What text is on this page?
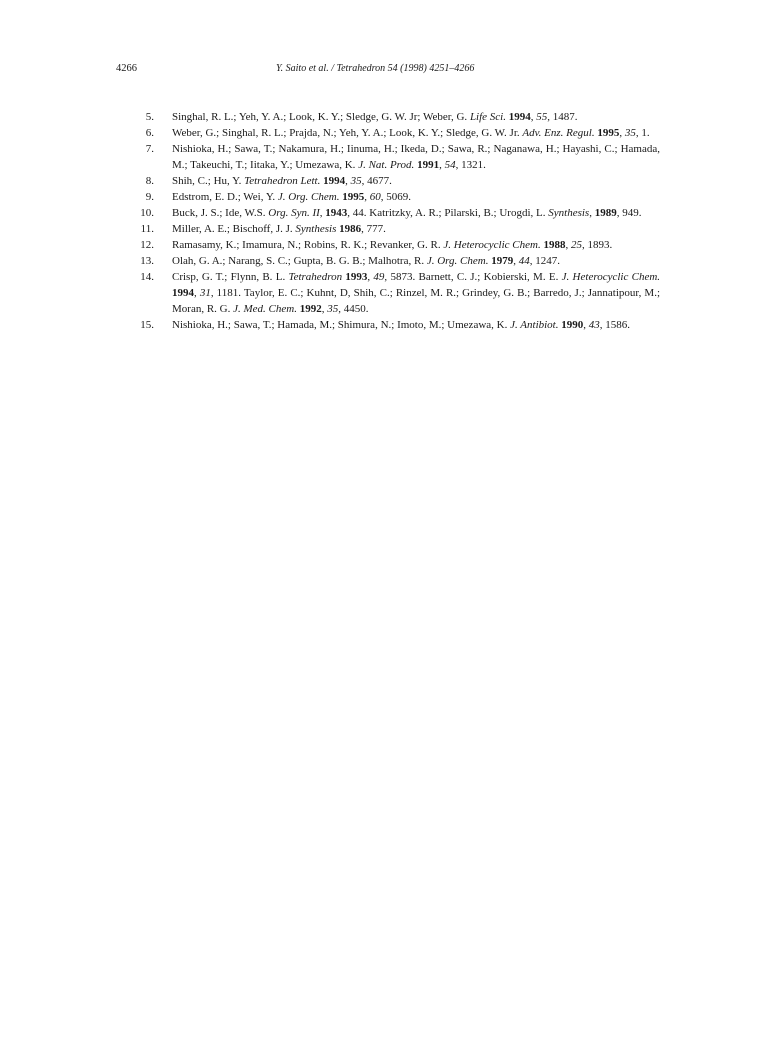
4266	Y. Saito et al. / Tetrahedron 54 (1998) 4251–4266
5. Singhal, R. L.; Yeh, Y. A.; Look, K. Y.; Sledge, G. W. Jr; Weber, G. Life Sci. 1994, 55, 1487.
6. Weber, G.; Singhal, R. L.; Prajda, N.; Yeh, Y. A.; Look, K. Y.; Sledge, G. W. Jr. Adv. Enz. Regul. 1995, 35, 1.
7. Nishioka, H.; Sawa, T.; Nakamura, H.; Iinuma, H.; Ikeda, D.; Sawa, R.; Naganawa, H.; Hayashi, C.; Hamada, M.; Takeuchi, T.; Iitaka, Y.; Umezawa, K. J. Nat. Prod. 1991, 54, 1321.
8. Shih, C.; Hu, Y. Tetrahedron Lett. 1994, 35, 4677.
9. Edstrom, E. D.; Wei, Y. J. Org. Chem. 1995, 60, 5069.
10. Buck, J. S.; Ide, W.S. Org. Syn. II, 1943, 44. Katritzky, A. R.; Pilarski, B.; Urogdi, L. Synthesis, 1989, 949.
11. Miller, A. E.; Bischoff, J. J. Synthesis 1986, 777.
12. Ramasamy, K.; Imamura, N.; Robins, R. K.; Revanker, G. R. J. Heterocyclic Chem. 1988, 25, 1893.
13. Olah, G. A.; Narang, S. C.; Gupta, B. G. B.; Malhotra, R. J. Org. Chem. 1979, 44, 1247.
14. Crisp, G. T.; Flynn, B. L. Tetrahedron 1993, 49, 5873. Barnett, C. J.; Kobierski, M. E. J. Heterocyclic Chem. 1994, 31, 1181. Taylor, E. C.; Kuhnt, D, Shih, C.; Rinzel, M. R.; Grindey, G. B.; Barredo, J.; Jannatipour, M.; Moran, R. G. J. Med. Chem. 1992, 35, 4450.
15. Nishioka, H.; Sawa, T.; Hamada, M.; Shimura, N.; Imoto, M.; Umezawa, K. J. Antibiot. 1990, 43, 1586.
